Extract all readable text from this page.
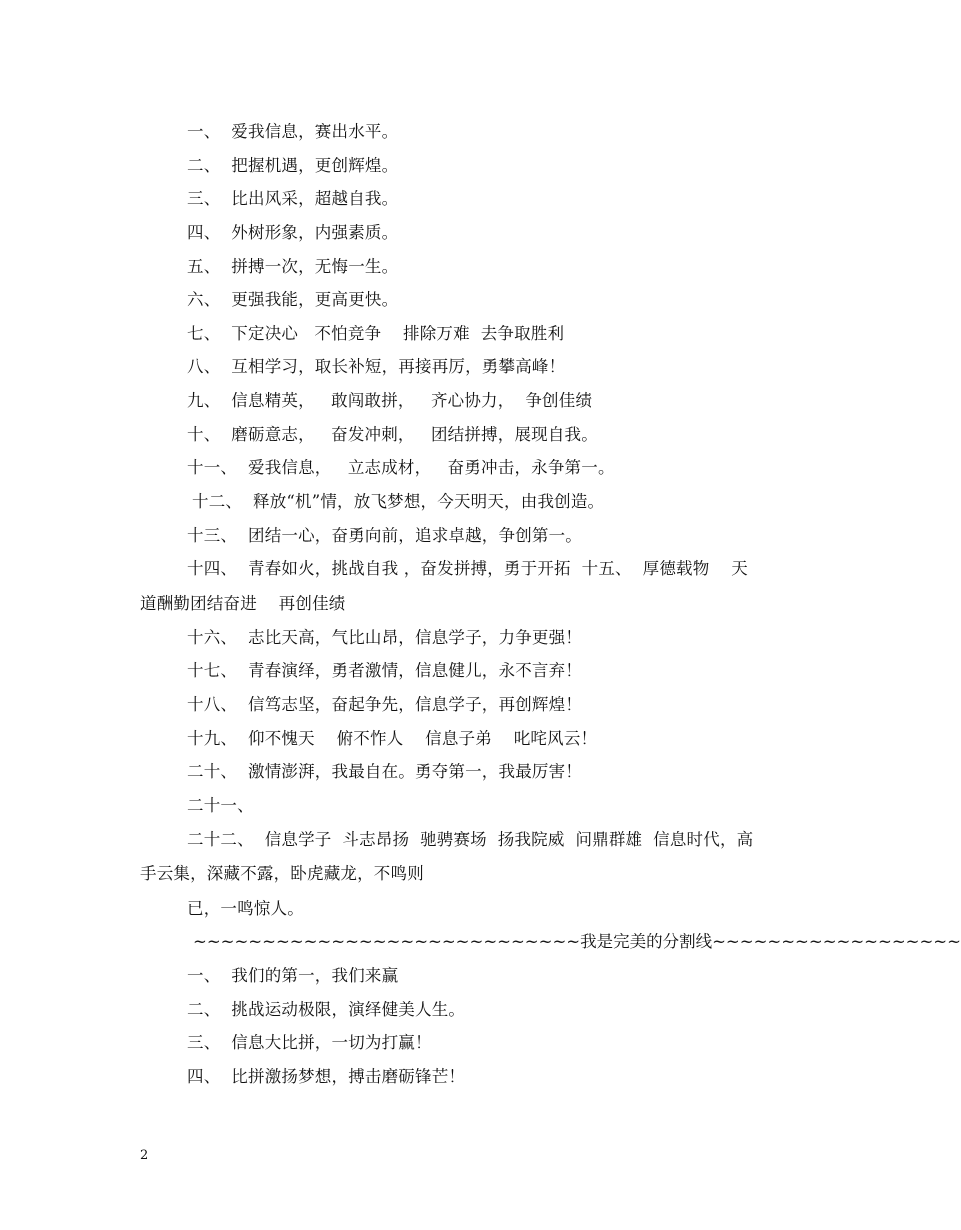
一、  爱我信息，赛出水平。
二、  把握机遇，更创辉煌。
三、  比出风采，超越自我。
四、  外树形象，内强素质。
五、  拼搏一次，无悔一生。
六、  更强我能，更高更快。
七、  下定决心   不怕竞争    排除万难  去争取胜利
八、  互相学习，取长补短，再接再厉，勇攀高峰！
九、  信息精英，   敢闯敢拼，   齐心协力，  争创佳绩
十、  磨砺意志，   奋发冲刺，   团结拼搏，展现自我。
十一、  爱我信息，   立志成材，   奋勇冲击，永争第一。
十二、  释放“机”情，放飞梦想，今天明天，由我创造。
十三、  团结一心，奋勇向前，追求卓越，争创第一。
十四、  青春如火，挑战自我 ，奋发拼搏，勇于开拓  十五、  厚德载物    天
道酬勤团结奋进    再创佳绩
十六、  志比天高，气比山昂，信息学子，力争更强！
十七、  青春演绎，勇者激情，信息健儿，永不言弃！
十八、  信笃志坚，奋起争先，信息学子，再创辉煌！
十九、  仰不愧天    俯不怍人    信息子弟    叱咤风云！
二十、  激情澎湃，我最自在。勇夺第一，我最厉害！
二十一、
二十二、  信息学子  斗志昂扬  驰骋赛场  扬我院威  问鼎群雄  信息时代，高
手云集，深藏不露，卧虎藏龙，不鸣则
已，一鸣惊人。
~~~~~~~~~~~~~~~~~~~~~~~~~~~~我是完美的分割线~~~~~~~~~~~~~~~~~~
一、  我们的第一，我们来赢
二、  挑战运动极限，演绎健美人生。
三、  信息大比拼，一切为打赢！
四、  比拼激扬梦想，搏击磨砺锋芒！
2
